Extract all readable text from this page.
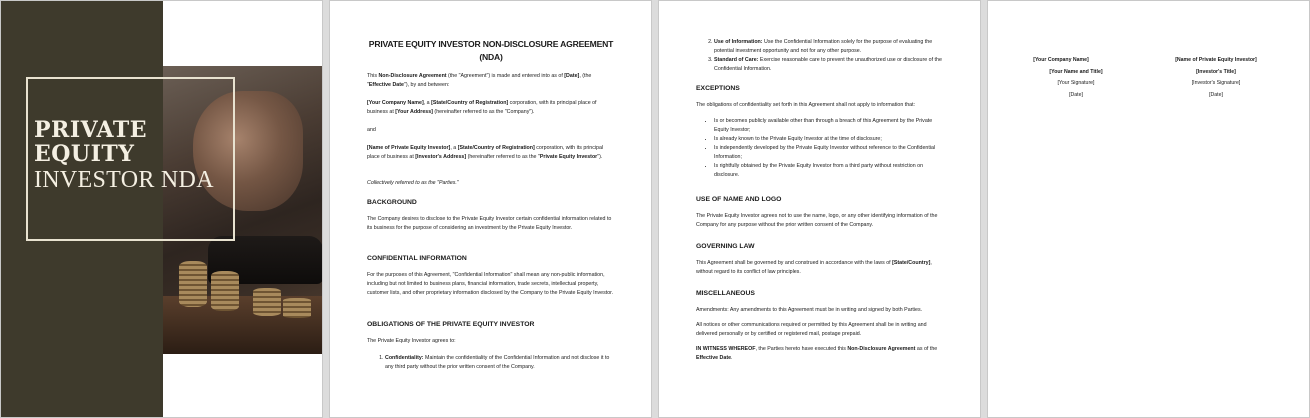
PRIVATE
EQUITY
INVESTOR NDA
PRIVATE EQUITY INVESTOR NON-DISCLOSURE AGREEMENT (NDA)

This Non-Disclosure Agreement (the "Agreement") is made and entered into as of [Date], (the "Effective Date"), by and between:

[Your Company Name], a [State/Country of Registration] corporation, with its principal place of business at [Your Address] (hereinafter referred to as the "Company").

and

[Name of Private Equity Investor], a [State/Country of Registration] corporation, with its principal place of business at [Investor's Address] (hereinafter referred to as the "Private Equity Investor").

Collectively referred to as the "Parties."

BACKGROUND

The Company desires to disclose to the Private Equity Investor certain confidential information related to its business for the purpose of considering an investment by the Private Equity Investor.

CONFIDENTIAL INFORMATION

For the purposes of this Agreement, "Confidential Information" shall mean any non-public information, including but not limited to business plans, financial information, trade secrets, intellectual property, customer lists, and other proprietary information disclosed by the Company to the Private Equity Investor.

OBLIGATIONS OF THE PRIVATE EQUITY INVESTOR

The Private Equity Investor agrees to:

1. Confidentiality: Maintain the confidentiality of the Confidential Information and not disclose it to any third party without the prior written consent of the Company.
2. Use of Information: Use the Confidential Information solely for the purpose of evaluating the potential investment opportunity and not for any other purpose.
3. Standard of Care: Exercise reasonable care to prevent the unauthorized use or disclosure of the Confidential Information.
EXCEPTIONS

The obligations of confidentiality set forth in this Agreement shall not apply to information that:

• Is or becomes publicly available other than through a breach of this Agreement by the Private Equity Investor;
• Is already known to the Private Equity Investor at the time of disclosure;
• Is independently developed by the Private Equity Investor without reference to the Confidential Information;
• Is rightfully obtained by the Private Equity Investor from a third party without restriction on disclosure.
USE OF NAME AND LOGO

The Private Equity Investor agrees not to use the name, logo, or any other identifying information of the Company for any purpose without the prior written consent of the Company.

GOVERNING LAW

This Agreement shall be governed by and construed in accordance with the laws of [State/Country], without regard to its conflict of law principles.

MISCELLANEOUS

Amendments: Any amendments to this Agreement must be in writing and signed by both Parties.

All notices or other communications required or permitted by this Agreement shall be in writing and delivered personally or by certified or registered mail, postage prepaid.

IN WITNESS WHEREOF, the Parties hereto have executed this Non-Disclosure Agreement as of the Effective Date.

[Your Company Name]
[Your Name and Title]
[Your Signature]
[Date]
[Name of Private Equity Investor]
[Investor's Title]
[Investor's Signature]
[Date]
